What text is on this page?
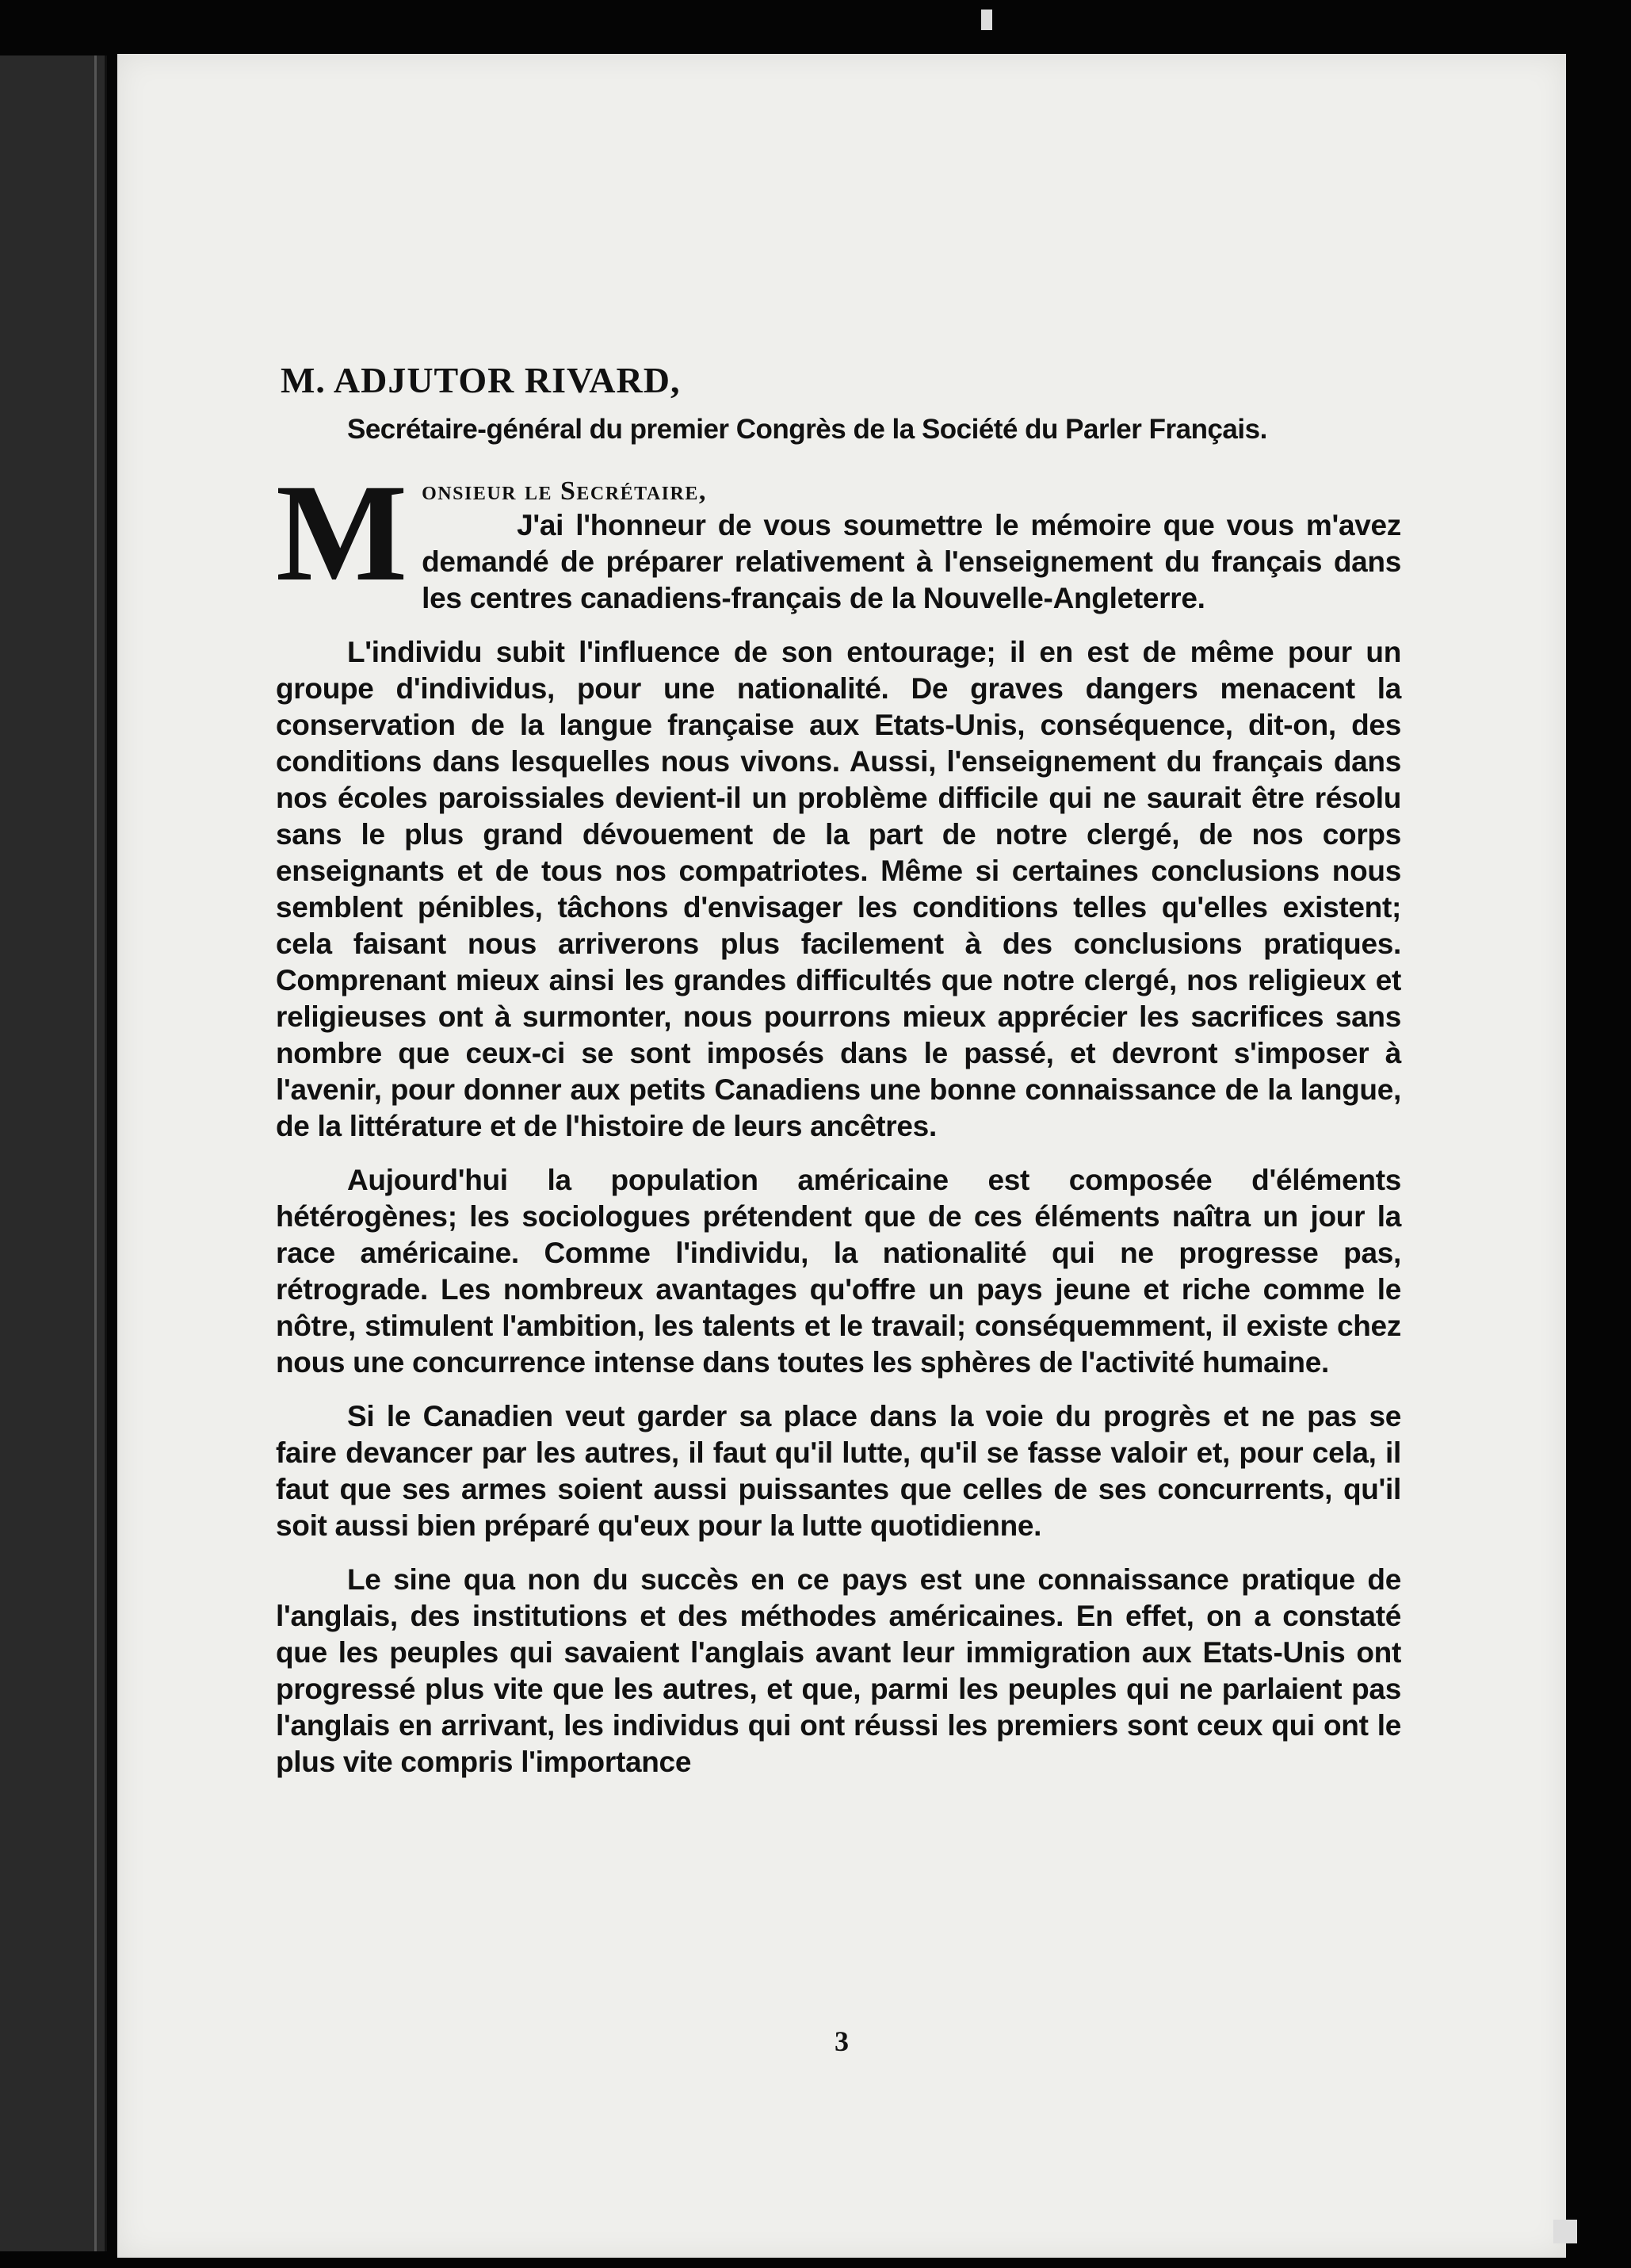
M. ADJUTOR RIVARD,
Secrétaire-général du premier Congrès de la Société du Parler Français.
M onsieur le Secrétaire,

J'ai l'honneur de vous soumettre le mémoire que vous m'avez demandé de préparer relativement à l'enseignement du français dans les centres canadiens-français de la Nouvelle-Angleterre.

L'individu subit l'influence de son entourage; il en est de même pour un groupe d'individus, pour une nationalité. De graves dangers menacent la conservation de la langue française aux Etats-Unis, conséquence, dit-on, des conditions dans lesquelles nous vivons. Aussi, l'enseignement du français dans nos écoles paroissiales devient-il un problème difficile qui ne saurait être résolu sans le plus grand dévouement de la part de notre clergé, de nos corps enseignants et de tous nos compatriotes. Même si certaines conclusions nous semblent pénibles, tâchons d'envisager les conditions telles qu'elles existent; cela faisant nous arriverons plus facilement à des conclusions pratiques. Comprenant mieux ainsi les grandes difficultés que notre clergé, nos religieux et religieuses ont à surmonter, nous pourrons mieux apprécier les sacrifices sans nombre que ceux-ci se sont imposés dans le passé, et devront s'imposer à l'avenir, pour donner aux petits Canadiens une bonne connaissance de la langue, de la littérature et de l'histoire de leurs ancêtres.

Aujourd'hui la population américaine est composée d'éléments hétérogènes; les sociologues prétendent que de ces éléments naîtra un jour la race américaine. Comme l'individu, la nationalité qui ne progresse pas, rétrograde. Les nombreux avantages qu'offre un pays jeune et riche comme le nôtre, stimulent l'ambition, les talents et le travail; conséquemment, il existe chez nous une concurrence intense dans toutes les sphères de l'activité humaine.

Si le Canadien veut garder sa place dans la voie du progrès et ne pas se faire devancer par les autres, il faut qu'il lutte, qu'il se fasse valoir et, pour cela, il faut que ses armes soient aussi puissantes que celles de ses concurrents, qu'il soit aussi bien préparé qu'eux pour la lutte quotidienne.

Le sine qua non du succès en ce pays est une connaissance pratique de l'anglais, des institutions et des méthodes américaines. En effet, on a constaté que les peuples qui savaient l'anglais avant leur immigration aux Etats-Unis ont progressé plus vite que les autres, et que, parmi les peuples qui ne parlaient pas l'anglais en arrivant, les individus qui ont réussi les premiers sont ceux qui ont le plus vite compris l'importance

3
